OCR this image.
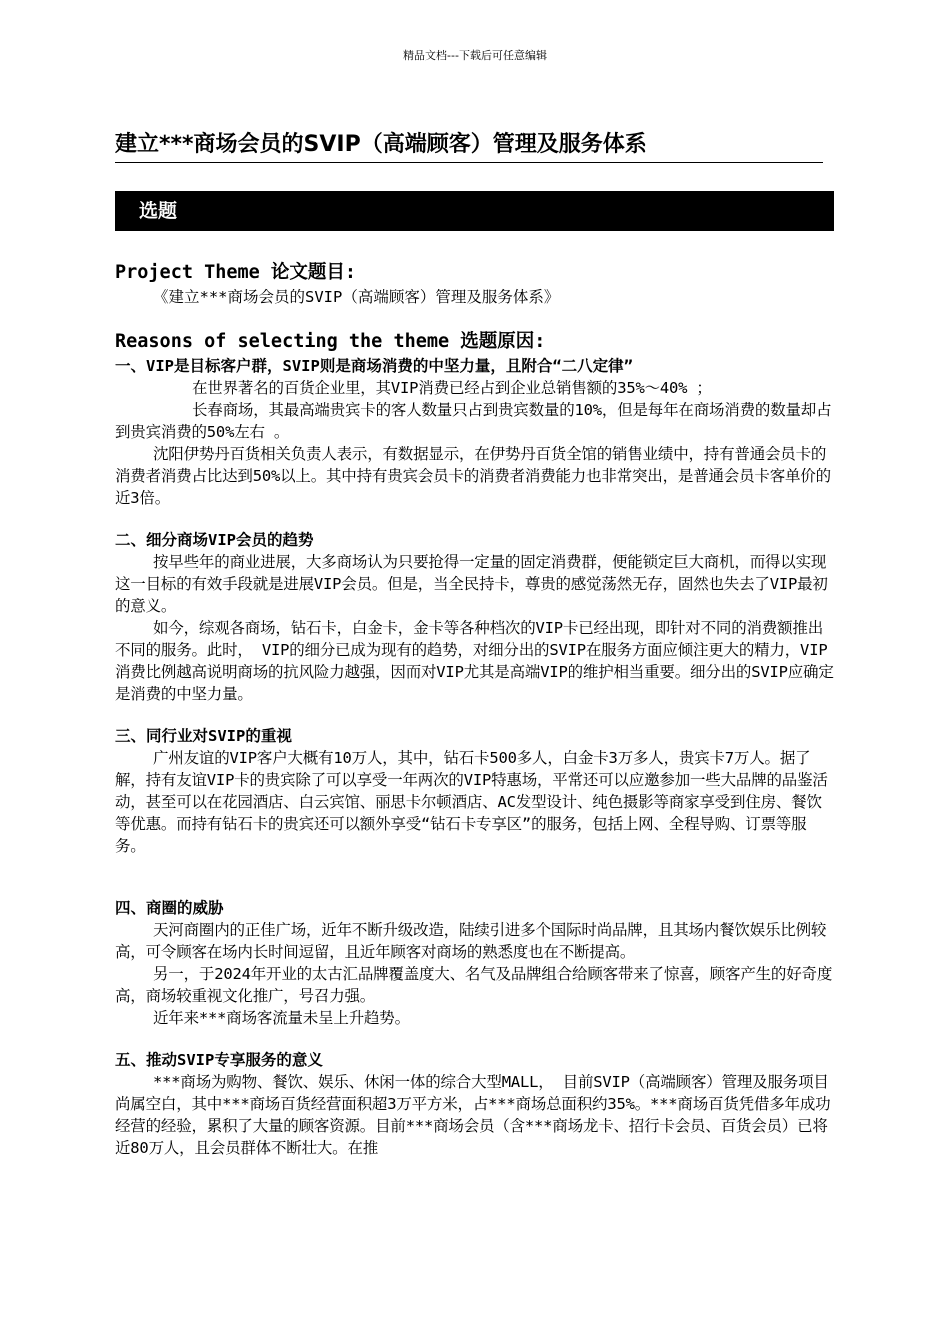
精品文档---下载后可任意编辑
建立***商场会员的SVIP（高端顾客）管理及服务体系
选题
Project Theme 论文题目:
《建立***商场会员的SVIP（高端顾客）管理及服务体系》
Reasons of selecting the theme 选题原因:
一、VIP是目标客户群，SVIP则是商场消费的中坚力量，且附合“二八定律”
在世界著名的百货企业里，其VIP消费已经占到企业总销售额的35%～40% ；
长春商场，其最高端贵宾卡的客人数量只占到贵宾数量的10%，但是每年在商场消费的数量却占到贵宾消费的50%左右 。
沈阳伊势丹百货相关负责人表示，有数据显示，在伊势丹百货全馆的销售业绩中，持有普通会员卡的消费者消费占比达到50%以上。其中持有贵宾会员卡的消费者消费能力也非常突出，是普通会员卡客单价的近3倍。
二、细分商场VIP会员的趋势
按早些年的商业进展，大多商场认为只要抢得一定量的固定消费群，便能锁定巨大商机，而得以实现这一目标的有效手段就是进展VIP会员。但是，当全民持卡，尊贵的感觉荡然无存，固然也失去了VIP最初的意义。
如今，综观各商场，钻石卡，白金卡，金卡等各种档次的VIP卡已经出现，即针对不同的消费额推出不同的服务。此时， VIP的细分已成为现有的趋势，对细分出的SVIP在服务方面应倾注更大的精力，VIP消费比例越高说明商场的抗风险力越强，因而对VIP尤其是高端VIP的维护相当重要。细分出的SVIP应确定是消费的中坚力量。
三、同行业对SVIP的重视
广州友谊的VIP客户大概有10万人，其中，钻石卡500多人，白金卡3万多人，贵宾卡7万人。据了解，持有友谊VIP卡的贵宾除了可以享受一年两次的VIP特惠场，平常还可以应邀参加一些大品牌的品鉴活动，甚至可以在花园酒店、白云宾馆、丽思卡尔顿酒店、AC发型设计、纯色摄影等商家享受到住房、餐饮等优惠。而持有钻石卡的贵宾还可以额外享受“钻石卡专享区”的服务，包括上网、全程导购、订票等服务。
四、商圈的威胁
天河商圈内的正佳广场，近年不断升级改造，陆续引进多个国际时尚品牌，且其场内餐饮娱乐比例较高，可令顾客在场内长时间逗留，且近年顾客对商场的熟悉度也在不断提高。
另一，于2024年开业的太古汇品牌覆盖度大、名气及品牌组合给顾客带来了惊喜，顾客产生的好奇度高，商场较重视文化推广，号召力强。
近年来***商场客流量未呈上升趋势。
五、推动SVIP专享服务的意义
***商场为购物、餐饮、娱乐、休闲一体的综合大型MALL， 目前SVIP（高端顾客）管理及服务项目尚属空白，其中***商场百货经营面积超3万平方米，占***商场总面积约35%。***商场百货凭借多年成功经营的经验，累积了大量的顾客资源。目前***商场会员（含***商场龙卡、招行卡会员、百货会员）已将近80万人，且会员群体不断壮大。在推
